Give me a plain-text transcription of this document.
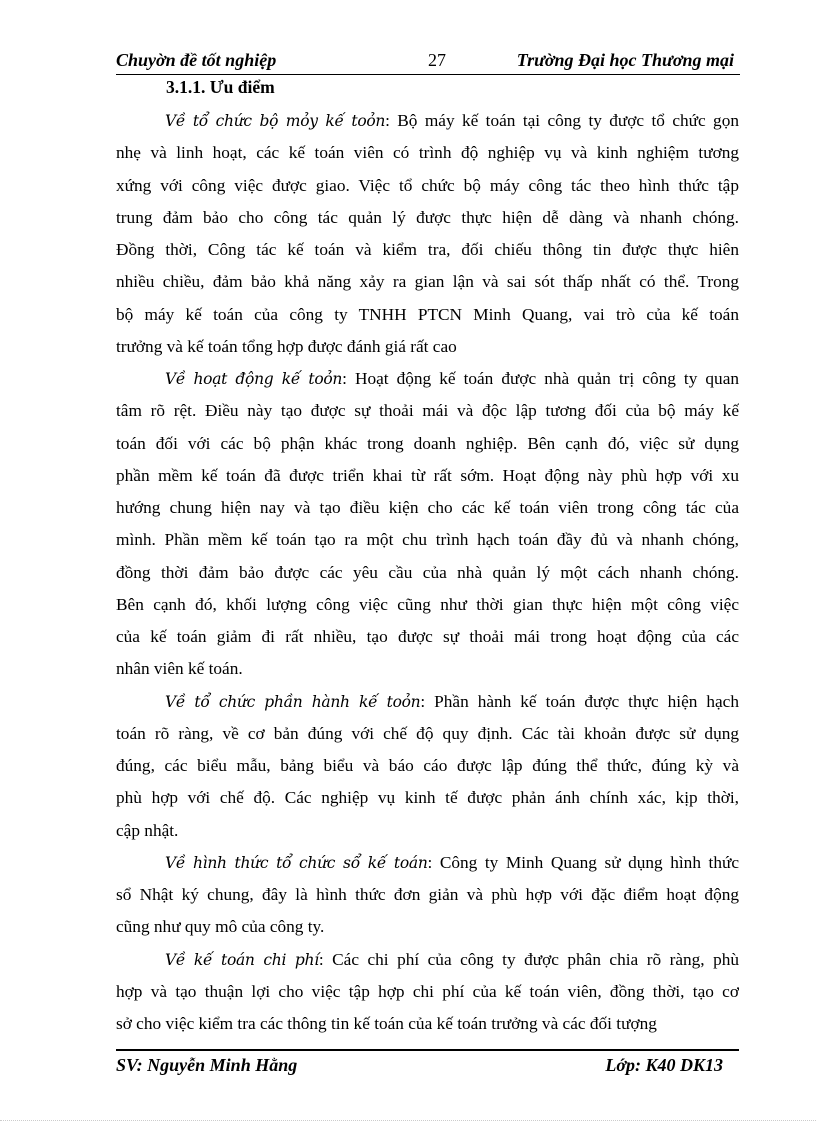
Chuyờn đề tốt nghiệp	27	Trường Đại học Thương mại
3.1.1. Ưu điểm
Về tổ chức bộ mỏy kế toỏn: Bộ máy kế toán tại công ty được tổ chức gọn
nhẹ và linh hoạt, các kế toán viên có trình độ nghiệp vụ và kinh nghiệm tương
xứng với công việc được giao. Việc tổ chức bộ máy công tác theo hình thức tập
trung đảm bảo cho công tác quản lý được thực hiện dễ dàng và nhanh chóng.
Đồng thời, Công tác kế toán và kiểm tra, đối chiếu thông tin được thực hiên
nhiều chiều, đảm bảo khả năng xảy ra gian lận và sai sót thấp nhất có thể. Trong
bộ máy kế toán của công ty TNHH PTCN Minh Quang, vai trò của kế toán
trưởng và kế toán tổng hợp được đánh giá rất cao
Về hoạt động kế toỏn: Hoạt động kế toán được nhà quản trị công ty quan
tâm rõ rệt. Điều này tạo được sự thoải mái và độc lập tương đối của bộ máy kế
toán đối với các bộ phận khác trong doanh nghiệp. Bên cạnh đó, việc sử dụng
phần mềm kế toán đã được triển khai từ rất sớm. Hoạt động này phù hợp với xu
hướng chung hiện nay và tạo điều kiện cho các kế toán viên trong công tác của
mình. Phần mềm kế toán tạo ra một chu trình hạch toán đầy đủ và nhanh chóng,
đồng thời đảm bảo được các yêu cầu của nhà quản lý một cách nhanh chóng.
Bên cạnh đó, khối lượng công việc cũng như thời gian thực hiện một công việc
của kế toán giảm đi rất nhiều, tạo được sự thoải mái trong hoạt động của các
nhân viên kế toán.
Về tổ chức phần hành kế toỏn: Phần hành kế toán được thực hiện hạch
toán rõ ràng, về cơ bản đúng với chế độ quy định. Các tài khoản được sử dụng
đúng, các biểu mẫu, bảng biểu và báo cáo được lập đúng thể thức, đúng kỳ và
phù hợp với chế độ. Các nghiệp vụ kinh tế được phản ánh chính xác, kịp thời,
cập nhật.
Về hình thức tổ chức sổ kế toán: Công ty Minh Quang sử dụng hình thức
sổ Nhật ký chung, đây là hình thức đơn giản và phù hợp với đặc điểm hoạt động
cũng như quy mô của công ty.
Về kế toán chi phí: Các chi phí của công ty được phân chia rõ ràng, phù
hợp và tạo thuận lợi cho việc tập hợp chi phí của kế toán viên, đồng thời, tạo cơ
sở cho việc kiểm tra các thông tin kế toán của kế toán trưởng và các đối tượng
SV: Nguyễn Minh Hằng	Lớp: K40 DK13
